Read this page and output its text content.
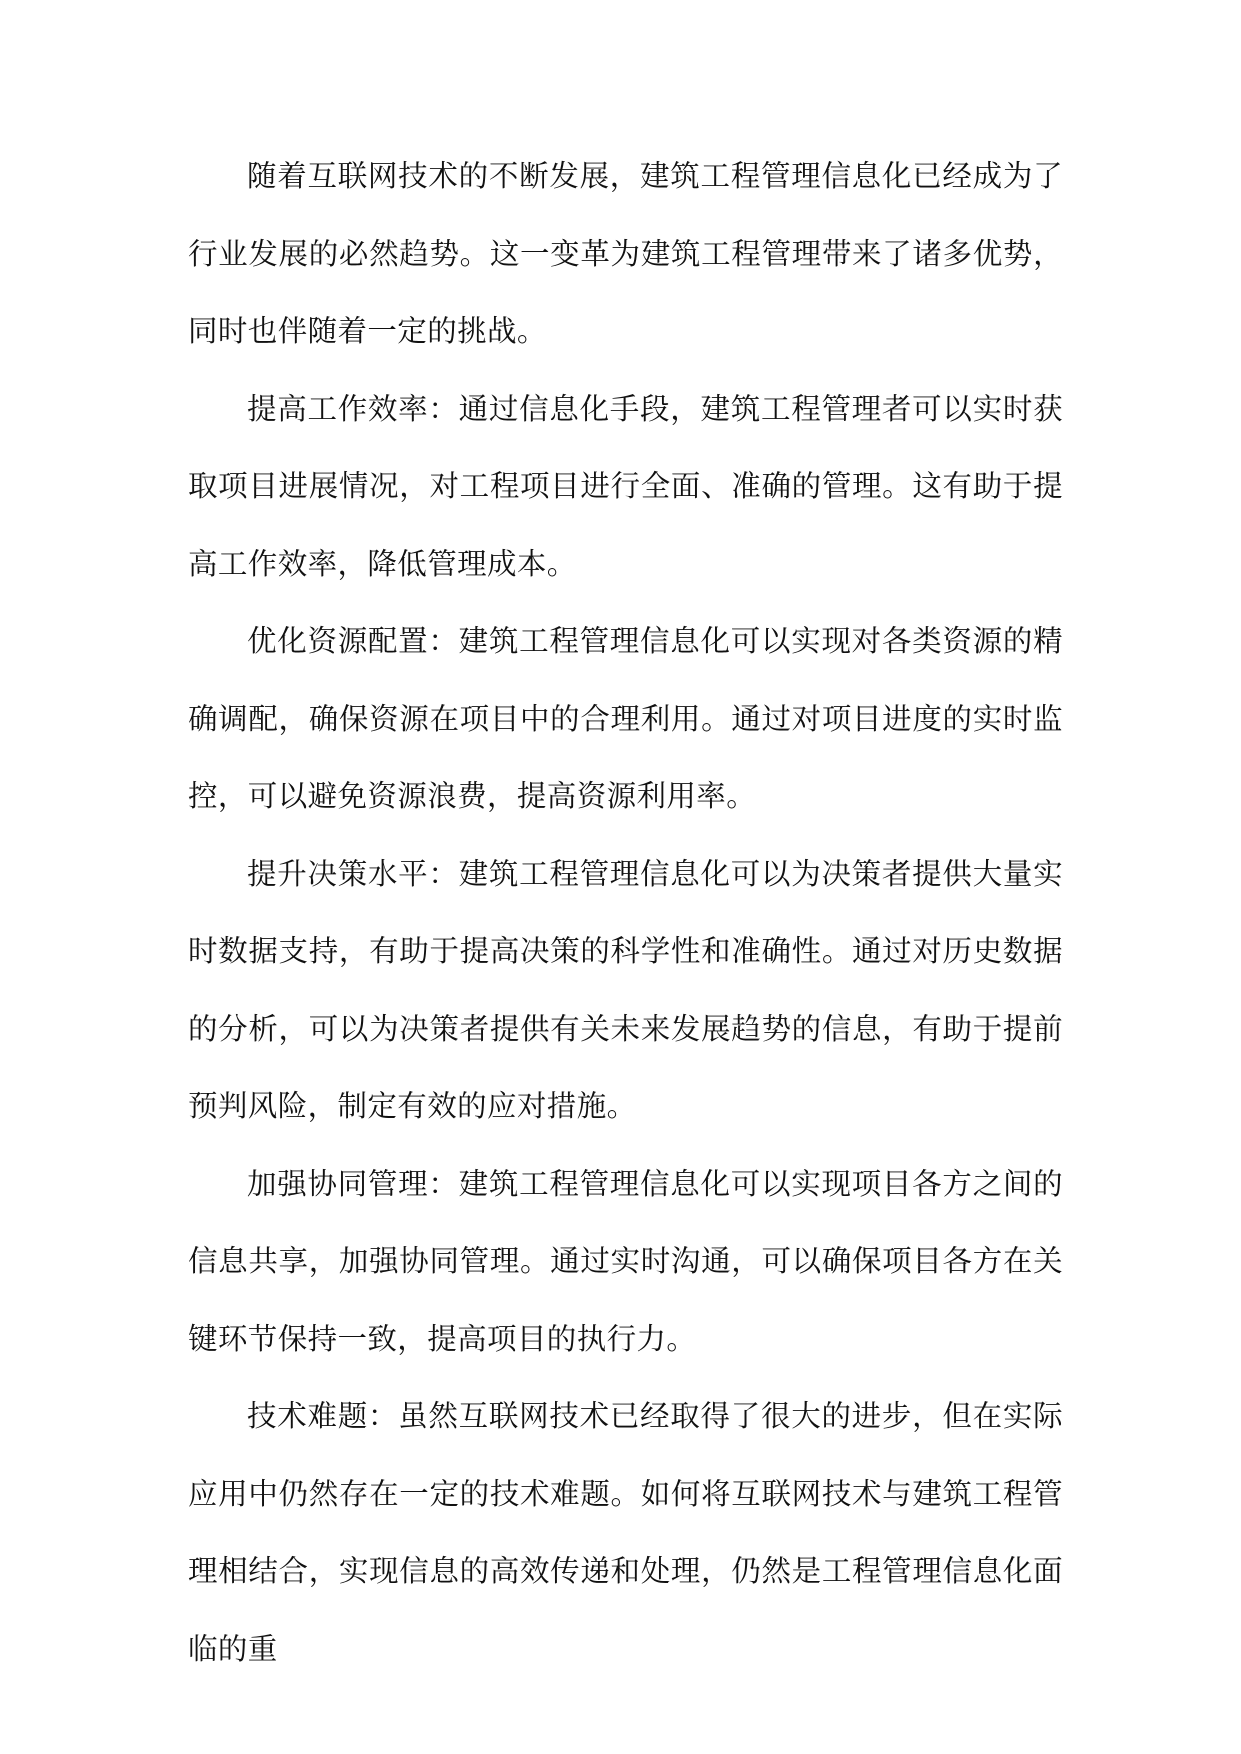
随着互联网技术的不断发展，建筑工程管理信息化已经成为了行业发展的必然趋势。这一变革为建筑工程管理带来了诸多优势，同时也伴随着一定的挑战。

提高工作效率：通过信息化手段，建筑工程管理者可以实时获取项目进展情况，对工程项目进行全面、准确的管理。这有助于提高工作效率，降低管理成本。

优化资源配置：建筑工程管理信息化可以实现对各类资源的精确调配，确保资源在项目中的合理利用。通过对项目进度的实时监控，可以避免资源浪费，提高资源利用率。

提升决策水平：建筑工程管理信息化可以为决策者提供大量实时数据支持，有助于提高决策的科学性和准确性。通过对历史数据的分析，可以为决策者提供有关未来发展趋势的信息，有助于提前预判风险，制定有效的应对措施。

加强协同管理：建筑工程管理信息化可以实现项目各方之间的信息共享，加强协同管理。通过实时沟通，可以确保项目各方在关键环节保持一致，提高项目的执行力。

技术难题：虽然互联网技术已经取得了很大的进步，但在实际应用中仍然存在一定的技术难题。如何将互联网技术与建筑工程管理相结合，实现信息的高效传递和处理，仍然是工程管理信息化面临的重
